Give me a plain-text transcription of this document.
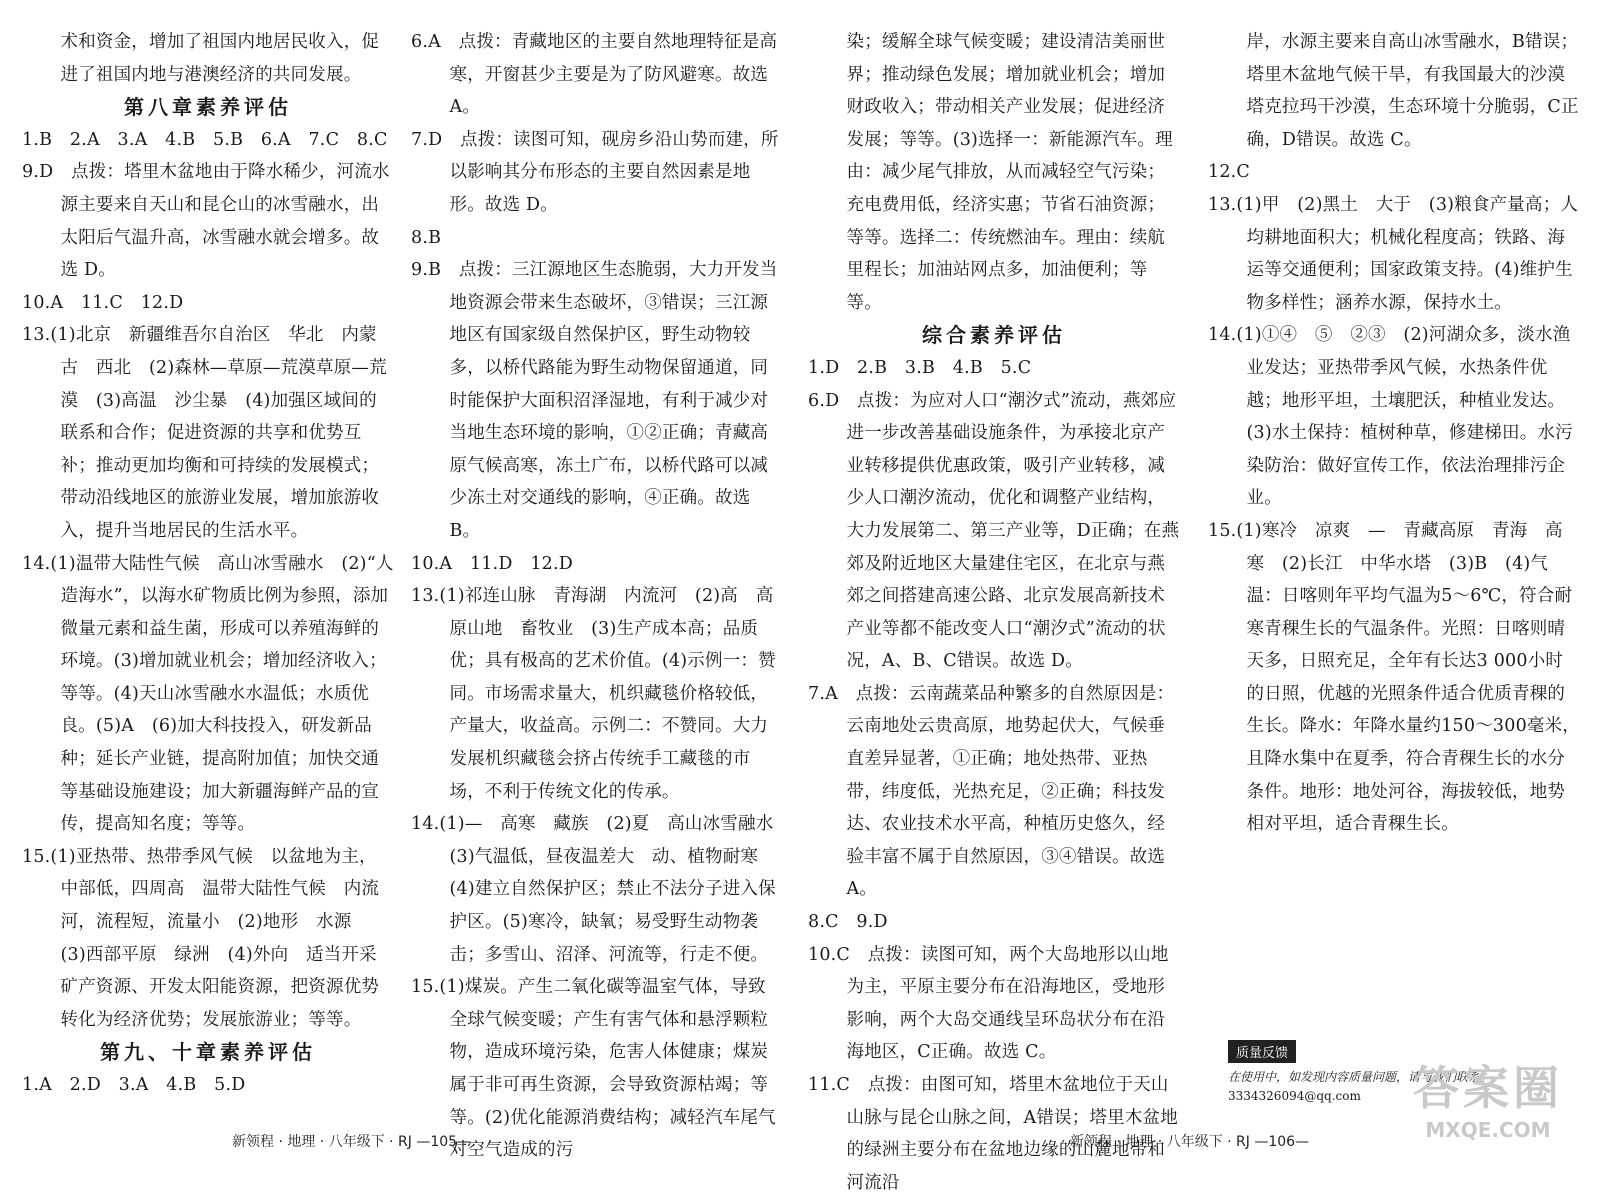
术和资金，增加了祖国内地居民收入，促进了祖国内地与港澳经济的共同发展。

第八章素养评估

1.B　2.A　3.A　4.B　5.B　6.A　7.C　8.C

9.D　点拨：塔里木盆地由于降水稀少，河流水源主要来自天山和昆仑山的冰雪融水，出太阳后气温升高，冰雪融水就会增多。故选 D。

10.A　11.C　12.D

13.(1)北京　新疆维吾尔自治区　华北　内蒙古　西北　(2)森林—草原—荒漠草原—荒漠　(3)高温　沙尘暴　(4)加强区域间的联系和合作；促进资源的共享和优势互补；推动更加均衡和可持续的发展模式；带动沿线地区的旅游业发展，增加旅游收入，提升当地居民的生活水平。

14.(1)温带大陆性气候　高山冰雪融水　(2)“人造海水”，以海水矿物质比例为参照，添加微量元素和益生菌，形成可以养殖海鲜的环境。(3)增加就业机会；增加经济收入；等等。(4)天山冰雪融水水温低；水质优良。(5)A　(6)加大科技投入，研发新品种；延长产业链，提高附加值；加快交通等基础设施建设；加大新疆海鲜产品的宣传，提高知名度；等等。

15.(1)亚热带、热带季风气候　以盆地为主，中部低，四周高　温带大陆性气候　内流河，流程短，流量小　(2)地形　水源　(3)西部平原　绿洲　(4)外向　适当开采矿产资源、开发太阳能资源，把资源优势转化为经济优势；发展旅游业；等等。

第九、十章素养评估

1.A　2.D　3.A　4.B　5.D

6.A　点拨：青藏地区的主要自然地理特征是高寒，开窗甚少主要是为了防风避寒。故选 A。

7.D　点拨：读图可知，砚房乡沿山势而建，所以影响其分布形态的主要自然因素是地形。故选 D。

8.B

9.B　点拨：三江源地区生态脆弱，大力开发当地资源会带来生态破坏，③错误；三江源地区有国家级自然保护区，野生动物较多，以桥代路能为野生动物保留通道，同时能保护大面积沼泽湿地，有利于减少对当地生态环境的影响，①②正确；青藏高原气候高寒，冻土广布，以桥代路可以减少冻土对交通线的影响，④正确。故选 B。

10.A　11.D　12.D

13.(1)祁连山脉　青海湖　内流河　(2)高　高原山地　畜牧业　(3)生产成本高；品质优；具有极高的艺术价值。(4)示例一：赞同。市场需求量大，机织藏毯价格较低，产量大，收益高。示例二：不赞同。大力发展机织藏毯会挤占传统手工藏毯的市场，不利于传统文化的传承。

14.(1)—　高寒　藏族　(2)夏　高山冰雪融水　(3)气温低，昼夜温差大　动、植物耐寒　(4)建立自然保护区；禁止不法分子进入保护区。(5)寒冷，缺氧；易受野生动物袭击；多雪山、沼泽、河流等，行走不便。

15.(1)煤炭。产生二氧化碳等温室气体，导致全球气候变暖；产生有害气体和悬浮颗粒物，造成环境污染，危害人体健康；煤炭属于非可再生资源，会导致资源枯竭；等等。(2)优化能源消费结构；减轻汽车尾气对空气造成的污

染；缓解全球气候变暖；建设清洁美丽世界；推动绿色发展；增加就业机会；增加财政收入；带动相关产业发展；促进经济发展；等等。(3)选择一：新能源汽车。理由：减少尾气排放，从而减轻空气污染；充电费用低，经济实惠；节省石油资源；等等。选择二：传统燃油车。理由：续航里程长；加油站网点多，加油便利；等等。

综合素养评估

1.D　2.B　3.B　4.B　5.C

6.D　点拨：为应对人口“潮汐式”流动，燕郊应进一步改善基础设施条件，为承接北京产业转移提供优惠政策，吸引产业转移，减少人口潮汐流动，优化和调整产业结构，大力发展第二、第三产业等，D正确；在燕郊及附近地区大量建住宅区，在北京与燕郊之间搭建高速公路、北京发展高新技术产业等都不能改变人口“潮汐式”流动的状况，A、B、C错误。故选 D。

7.A　点拨：云南蔬菜品种繁多的自然原因是：云南地处云贵高原，地势起伏大，气候垂直差异显著，①正确；地处热带、亚热带，纬度低，光热充足，②正确；科技发达、农业技术水平高，种植历史悠久，经验丰富不属于自然原因，③④错误。故选 A。

8.C　9.D

10.C　点拨：读图可知，两个大岛地形以山地为主，平原主要分布在沿海地区，受地形影响，两个大岛交通线呈环岛状分布在沿海地区，C正确。故选 C。

11.C　点拨：由图可知，塔里木盆地位于天山山脉与昆仑山脉之间，A错误；塔里木盆地的绿洲主要分布在盆地边缘的山麓地带和河流沿

岸，水源主要来自高山冰雪融水，B错误；塔里木盆地气候干旱，有我国最大的沙漠塔克拉玛干沙漠，生态环境十分脆弱，C正确，D错误。故选 C。

12.C

13.(1)甲　(2)黑土　大于　(3)粮食产量高；人均耕地面积大；机械化程度高；铁路、海运等交通便利；国家政策支持。(4)维护生物多样性；涵养水源，保持水土。

14.(1)①④　⑤　②③　(2)河湖众多，淡水渔业发达；亚热带季风气候，水热条件优越；地形平坦，土壤肥沃，种植业发达。(3)水土保持：植树种草，修建梯田。水污染防治：做好宣传工作，依法治理排污企业。

15.(1)寒冷　凉爽　—　青藏高原　青海　高寒　(2)长江　中华水塔　(3)B　(4)气温：日喀则年平均气温为5～6℃，符合耐寒青稞生长的气温条件。光照：日喀则晴天多，日照充足，全年有长达3 000小时的日照，优越的光照条件适合优质青稞的生长。降水：年降水量约150～300毫米，且降水集中在夏季，符合青稞生长的水分条件。地形：地处河谷，海拔较低，地势相对平坦，适合青稞生长。

质量反馈
在使用中，如发现内容质量问题，请与我们联系。
3334326094@qq.com	答案圈
MXQE.COM
新领程 · 地理 · 八年级下 · RJ —105—	新领程 · 地理 · 八年级下 · RJ —106—
